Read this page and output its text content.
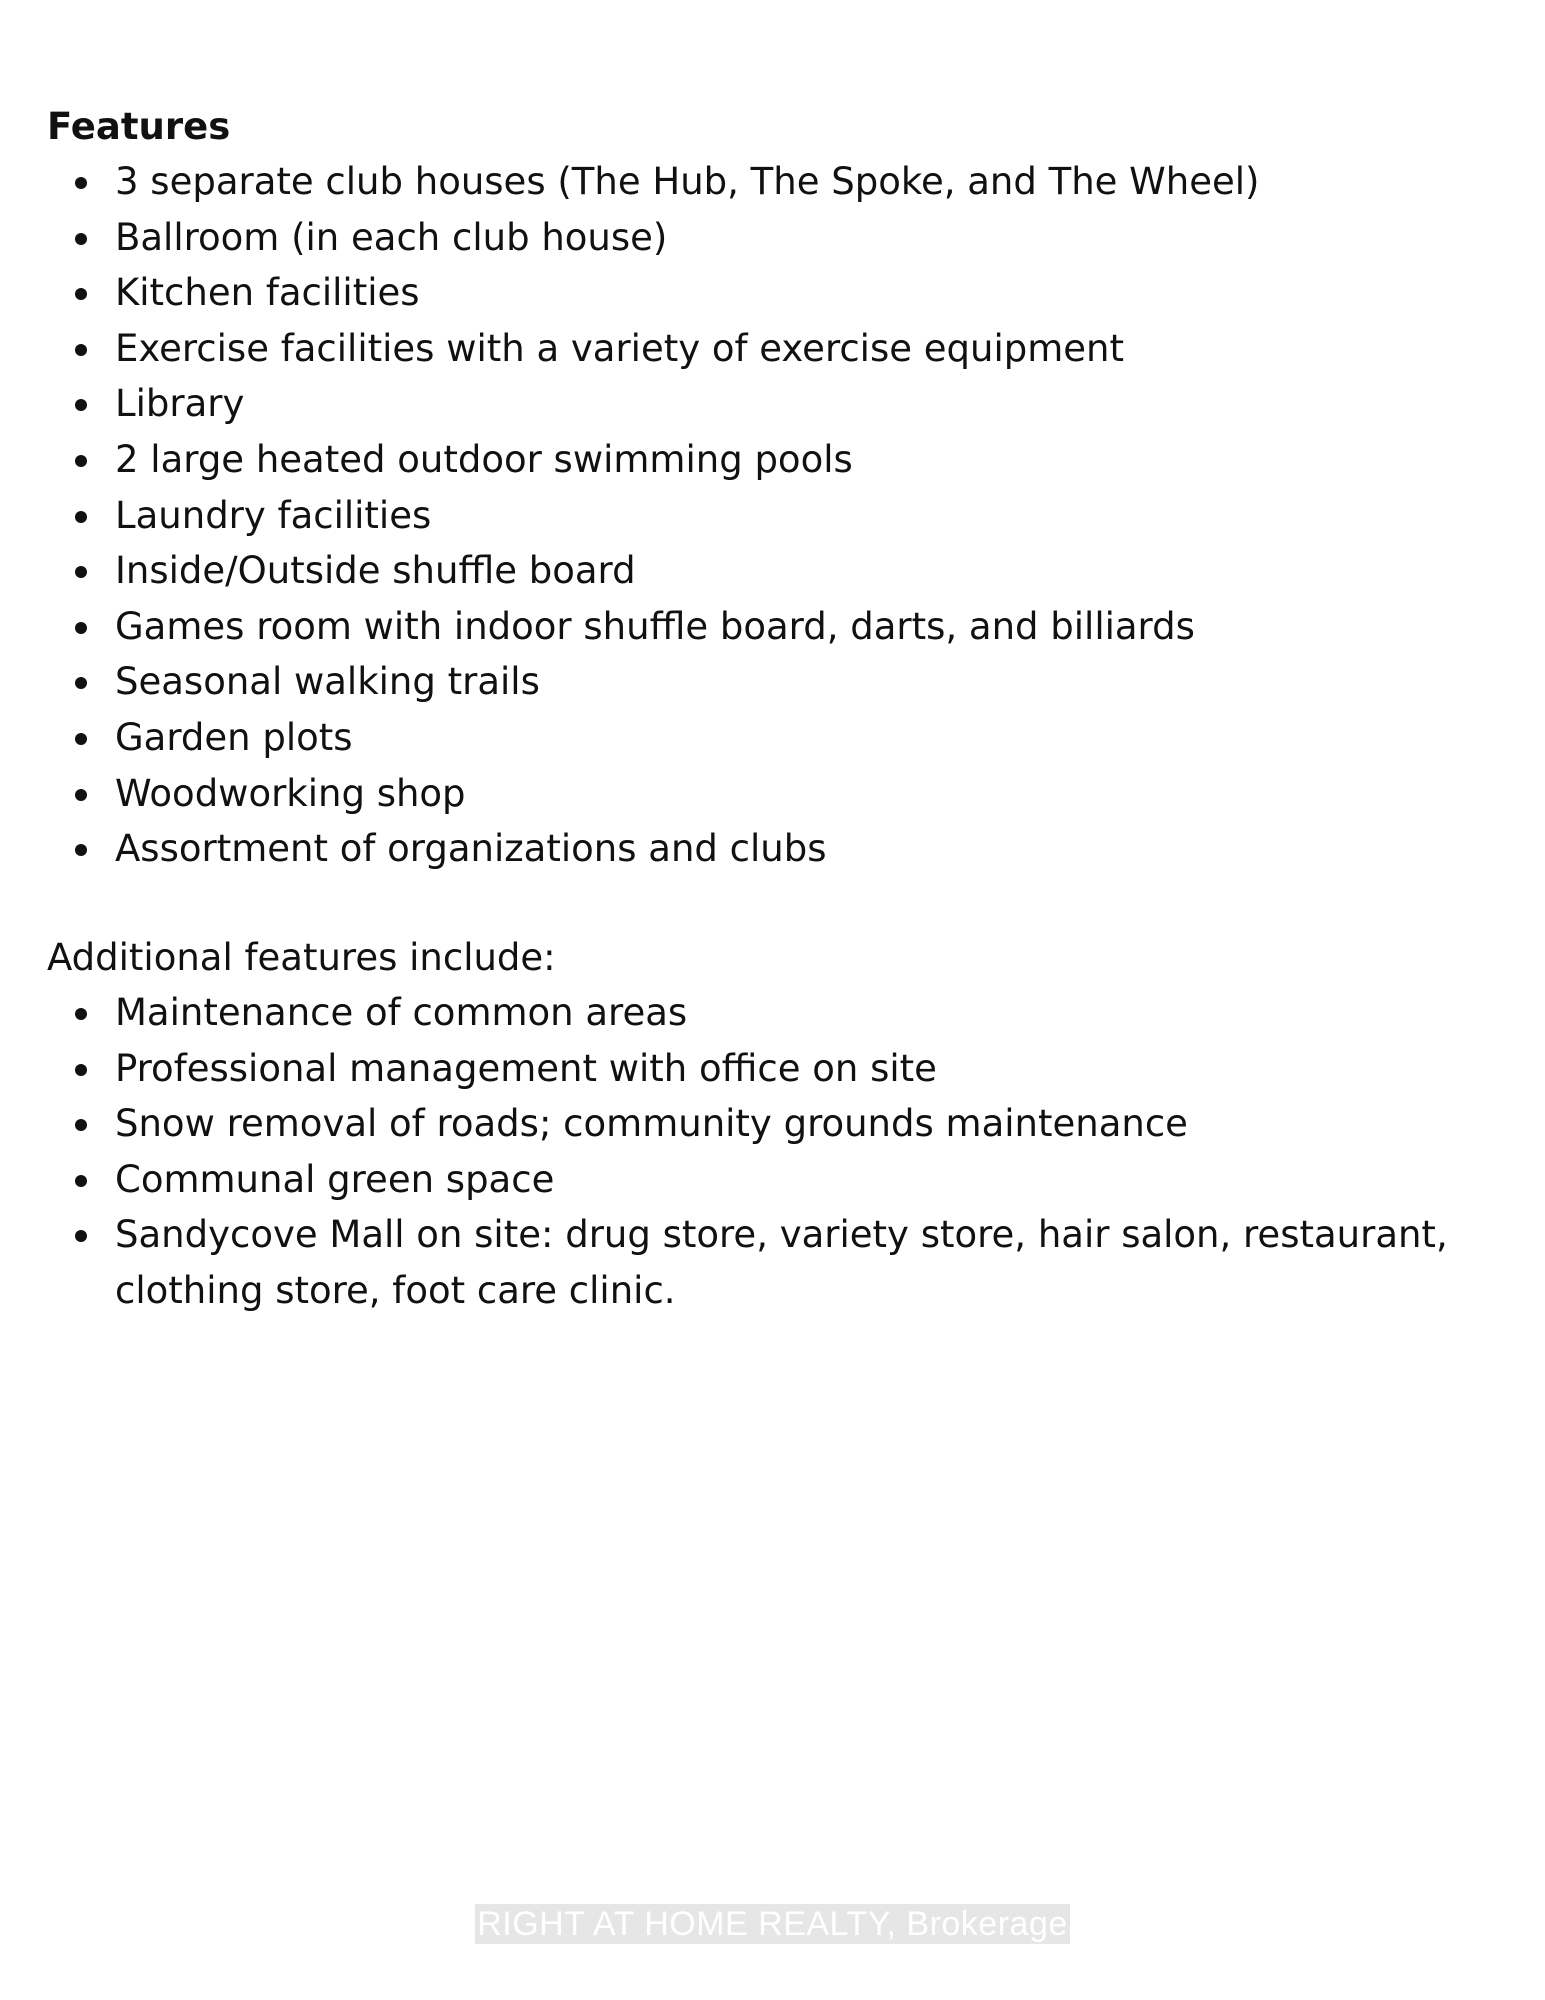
Features
3 separate club houses (The Hub, The Spoke, and The Wheel)
Ballroom (in each club house)
Kitchen facilities
Exercise facilities with a variety of exercise equipment
Library
2 large heated outdoor swimming pools
Laundry facilities
Inside/Outside shuffle board
Games room with indoor shuffle board, darts, and billiards
Seasonal walking trails
Garden plots
Woodworking shop
Assortment of organizations and clubs
Additional features include:
Maintenance of common areas
Professional management with office on site
Snow removal of roads; community grounds maintenance
Communal green space
Sandycove Mall on site: drug store, variety store, hair salon, restaurant, clothing store, foot care clinic.
RIGHT AT HOME REALTY, Brokerage
